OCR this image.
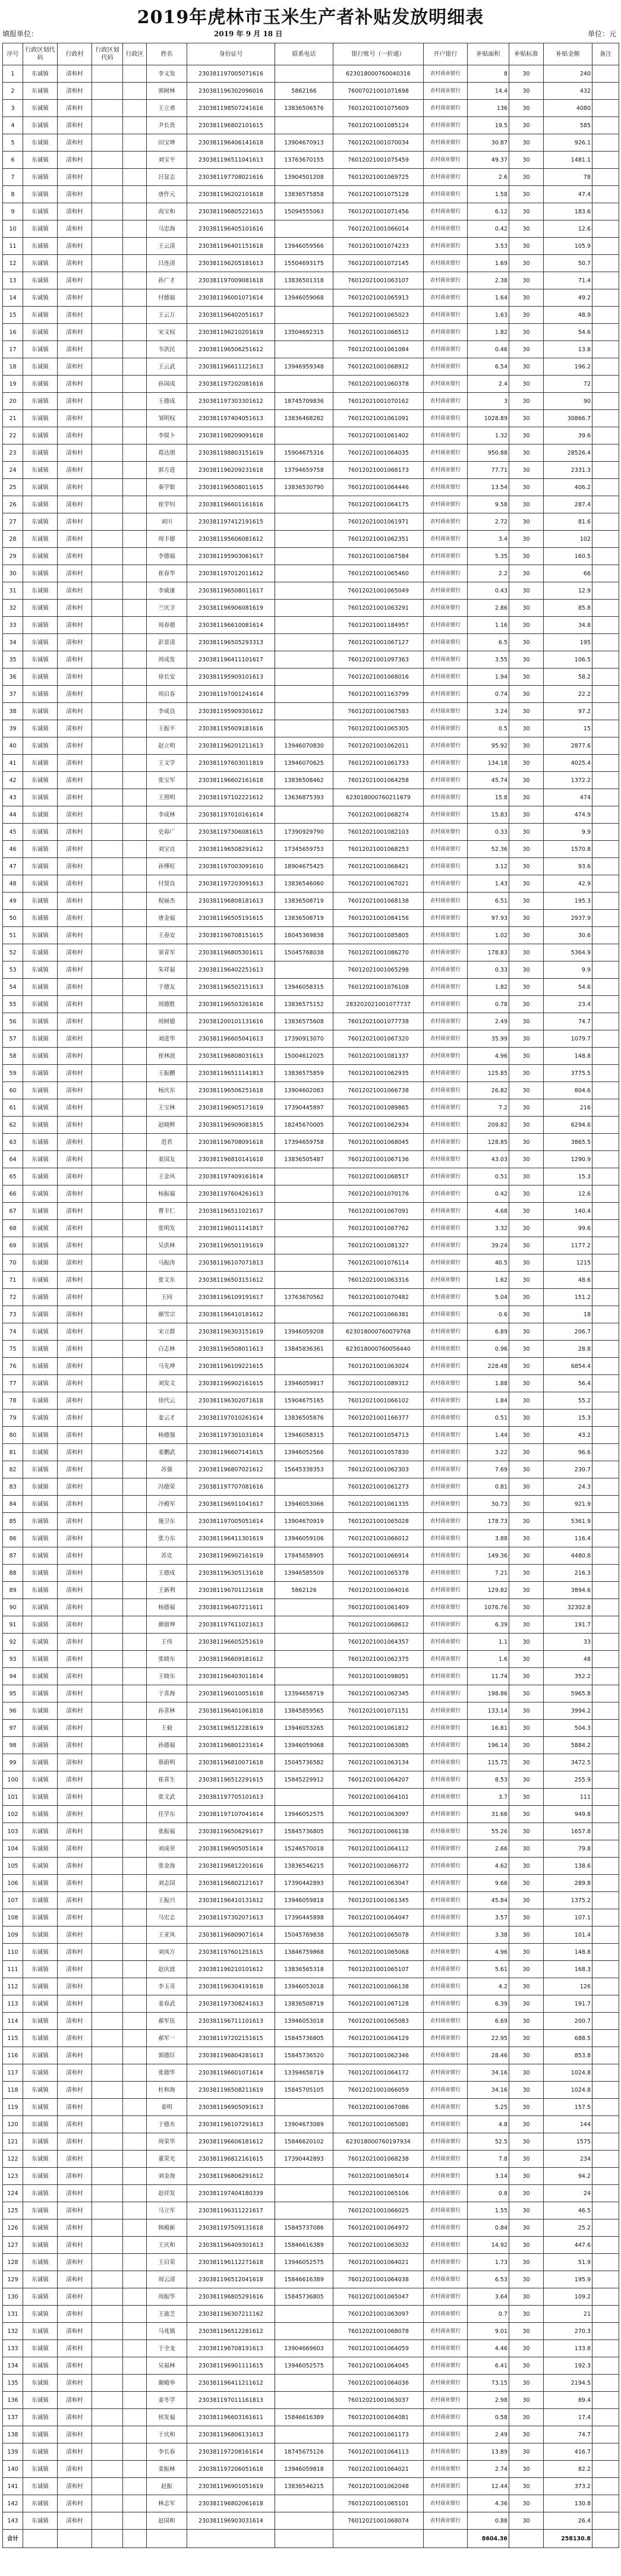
2019年虎林市玉米生产者补贴发放明细表
填报单位：	2019 年 9 月 18 日	单位：元
序号	行政区划代码	行政村	行政区划代码	行政区	姓名	身份证号	联系电话	银行账号（一折通）	开户银行	补贴面积	补贴标准	补贴金额	备注
1	东诚镇	清和村			李义发	230381197005071616		623018000760040316	农村商业银行	8	30	240	
2	东诚镇	清和村			郭树林	230381196302096016	5862166	76007021001071698	农村商业银行	14.4	30	432	
3	东诚镇	清和村			王立勇	230381198507241616	13836506576	76012021001075609	农村商业银行	136	30	4080	
4	东诚镇	清和村			尹长贵	230381196802101615		76012021001085124	农村商业银行	19.5	30	585	
5	东诚镇	清和村			田宝坤	230381196406141618	13904670913	76012021001070034	农村商业银行	30.87	30	926.1	
6	东诚镇	清和村			刘宝平	230381196511041613	13763670155	76012021001075459	农村商业银行	49.37	30	1481.1	
7	东诚镇	清和村			吕显志	230381197708021616	13904501208	76012021001069725	农村商业银行	2.6	30	78	
8	东诚镇	清和村			唐作元	230381196202101618	13836575858	76012021001075128	农村商业银行	1.58	30	47.4	
9	东诚镇	清和村			高宝和	230381196805221615	15094555063	76012021001071456	农村商业银行	6.12	30	183.6	
10	东诚镇	清和村			马忠海	230381196405101616		76012021001066014	农村商业银行	0.42	30	12.6	
11	东诚镇	清和村			王云清	230381196401151618	13946059566	76012021001074233	农村商业银行	3.53	30	105.9	
12	东诚镇	清和村			吕连清	230381196205181613	15504693175	76012021001072145	农村商业银行	1.69	30	50.7	
13	东诚镇	清和村			孙广才	230381197009081618	13836501318	76012021001063107	农村商业银行	2.38	30	71.4	
14	东诚镇	清和村			付德福	230381196001071614	13946059068	76012021001065913	农村商业银行	1.64	30	49.2	
15	东诚镇	清和村			王云万	230381196402051617		76012021001065023	农村商业银行	1.63	30	48.9	
16	东诚镇	清和村			宋文权	230381196210201619	13504692315	76012021001066512	农村商业银行	1.82	30	54.6	
17	东诚镇	清和村			韦洪民	230381196506251612		76012021001061084	农村商业银行	0.46	30	13.8	
18	东诚镇	清和村			王云武	230381196611121613	13946959348	76012021001068912	农村商业银行	6.54	30	196.2	
19	东诚镇	清和村			孙国成	230381197202081616		76012021001060378	农村商业银行	2.4	30	72	
20	东诚镇	清和村			王德成	230381197303301612	18745709836	76012021001070162	农村商业银行	3	30	90	
21	东诚镇	清和村			邹明权	230381197404051613	13836468282	76012021001061091	农村商业银行	1028.89	30	30866.7	
22	东诚镇	清和村			李锐卜	230381198209091618		76012021001061402	农村商业银行	1.32	30	39.6	
23	东诚镇	清和村			葛达朋	230381198803151619	15904675316	76012021001064035	农村商业银行	950.88	30	28526.4	
24	东诚镇	清和村			郭方进	230381196209231618	13794659758	76012021001068173	农村商业银行	77.71	30	2331.3	
25	东诚镇	清和村			秦学银	230381196508011615	13836530790	76012021001064446	农村商业银行	13.54	30	406.2	
26	东诚镇	清和村			崔学钊	230381196601161616		76012021001064175	农村商业银行	9.58	30	287.4	
27	东诚镇	清和村			刘川	230381197412191615		76012021001061971	农村商业银行	2.72	30	81.6	
28	东诚镇	清和村			周丰德	230381195606081612		76012021001062351	农村商业银行	3.4	30	102	
29	东诚镇	清和村			李德福	230381195903061617		76012021001067584	农村商业银行	5.35	30	160.5	
30	东诚镇	清和村			崔春华	230381197012011612		76012021001065460	农村商业银行	2.2	30	66	
31	东诚镇	清和村			李威康	230381196508011617		76012021001065049	农村商业银行	0.43	30	12.9	
32	东诚镇	清和村			兰庆卫	230381196906081619		76012021001063291	农村商业银行	2.86	30	85.8	
33	东诚镇	清和村			周春德	230381196610081614		76012021001184957	农村商业银行	1.16	30	34.8	
34	东诚镇	清和村			彭景清	230381196505293313		76012021001067127	农村商业银行	6.5	30	195	
35	东诚镇	清和村			周成发	230381196411101617		76012021001097363	农村商业银行	3.55	30	106.5	
36	东诚镇	清和村			徐长安	230381195909101613		76012021001068016	农村商业银行	1.94	30	58.2	
37	东诚镇	清和村			周启春	230381197001241614		76012021001163799	农村商业银行	0.74	30	22.2	
38	东诚镇	清和村			李成良	230381195909301612		76012021001067583	农村商业银行	3.24	30	97.2	
39	东诚镇	清和村			王振平	230381195609181616		76012021001065305	农村商业银行	0.5	30	15	
40	东诚镇	清和村			赵立明	230381196201211613	13946070830	76012021001062011	农村商业银行	95.92	30	2877.6	
41	东诚镇	清和村			王文学	230381197603011819	13946070625	76012021001061733	农村商业银行	134.18	30	4025.4	
42	东诚镇	清和村			张宝军	230381196602161618	13836508462	76012021001064258	农村商业银行	45.74	30	1372.2	
43	东诚镇	清和村			王照明	230381197102221612	13636875393	623018000760211679	农村商业银行	15.8	30	474	
44	东诚镇	清和村			李成林	230381197010161614		76012021001068274	农村商业银行	15.83	30	474.9	
45	东诚镇	清和村			史春广	230381197306081615	17390929790	76012021001082103	农村商业银行	0.33	30	9.9	
46	东诚镇	清和村			刘宝良	230381196508291612	17345659753	76012021001068253	农村商业银行	52.36	30	1570.8	
47	东诚镇	清和村			孙博旺	230381197003091610	18904675425	76012021001068421	农村商业银行	3.12	30	93.6	
48	东诚镇	清和村			付贤良	230381197203091613	13836546060	76012021001067021	农村商业银行	1.43	30	42.9	
49	东诚镇	清和村			倪丽杰	230381196808181613	13836508719	76012021001068138	农村商业银行	6.51	30	195.3	
50	东诚镇	清和村			唐金福	230381196505191615	13836508719	76012021001084156	农村商业银行	97.93	30	2937.9	
51	东诚镇	清和村			王春安	230381196708151615	18045369838	76012021001085805	农村商业银行	1.02	30	30.6	
52	东诚镇	清和村			窦青军	230381196805301611	15045768038	76012021001086270	农村商业银行	178.83	30	5364.9	
53	东诚镇	清和村			朱祥福	230381196402251613		76012021001065298	农村商业银行	0.33	30	9.9	
54	东诚镇	清和村			于德友	230381196502151613	13946058315	76012021001076108	农村商业银行	1.82	30	54.6	
55	东诚镇	清和村			周德胜	230381196503261616	13836575152	283202021001077737	农村商业银行	0.78	30	23.4	
56	东诚镇	清和村			周树德	230381200101131616	13836575608	76012021001077738	农村商业银行	2.49	30	74.7	
57	东诚镇	清和村			刘进华	230381196605041613	17390913070	76012021001067320	农村商业银行	35.99	30	1079.7	
58	东诚镇	清和村			崔林波	230381196808031613	15004612025	76012021001081337	农村商业银行	4.96	30	148.8	
59	东诚镇	清和村			王振鹏	230381196511141813	13836575859	76012021001062935	农村商业银行	125.85	30	3775.5	
60	东诚镇	清和村			杨庆东	230381196506251618	13904602083	76012021001066738	农村商业银行	26.82	30	804.6	
61	东诚镇	清和村			王宝林	230381196905171619	17390445897	76012021001089865	农村商业银行	7.2	30	216	
62	东诚镇	清和村			赵晓辉	230381196909081815	18245670005	76012021001062934	农村商业银行	209.82	30	6294.6	
63	东诚镇	清和村			范君	230381196708091618	17394659758	76012021001068045	农村商业银行	128.85	30	3865.5	
64	东诚镇	清和村			姜国友	230381196810141618	13836505487	76012021001067136	农村商业银行	43.03	30	1290.9	
65	东诚镇	清和村			王金风	230381197409161614		76012021001068517	农村商业银行	0.51	30	15.3	
66	东诚镇	清和村			杨振福	230381197604261613		76012021001070176	农村商业银行	0.42	30	12.6	
67	东诚镇	清和村			曹丰仁	230381196511021617		76012021001067091	农村商业银行	4.68	30	140.4	
68	东诚镇	清和村			张明发	230381196011141817		76012021001067762	农村商业银行	3.32	30	99.6	
69	东诚镇	清和村			吴洪林	230381196501191619		76012021001081327	农村商业银行	39.24	30	1177.2	
70	东诚镇	清和村			马振涛	230381196107071813		76012021001076114	农村商业银行	40.5	30	1215	
71	东诚镇	清和村			张文东	230381196503151612		76012021001063316	农村商业银行	1.62	30	48.6	
72	东诚镇	清和村			王同	230381196109191617	13763670562	76012021001070482	农村商业银行	5.04	30	151.2	
73	东诚镇	清和村			颜雪宗	230381196410181612		76012021001066381	农村商业银行	0.6	30	18	
74	东诚镇	清和村			宋立群	230381196303151619	13946059208	623018000760079768	农村商业银行	6.89	30	206.7	
75	东诚镇	清和村			白志林	230381196508011613	13845836361	623018000760056440	农村商业银行	0.96	30	28.8	
76	东诚镇	清和村			马先坤	230381196109221615		76012021001063024	农村商业银行	228.48	30	6854.4	
77	东诚镇	清和村			刘发文	230381196902161615	13946059817	76012021001089312	农村商业银行	1.88	30	56.4	
78	东诚镇	清和村			徐代云	230381196302071618	15904675165	76012021001066102	农村商业银行	1.84	30	55.2	
79	东诚镇	清和村			姜云才	230381197010261614	13836505876	76012021001166377	农村商业银行	0.51	30	15.3	
80	东诚镇	清和村			杨德强	230381197301031814	13946058315	76012021001054713	农村商业银行	1.44	30	43.2	
81	东诚镇	清和村			姜鹏武	230381196607141615	13946052566	76012021001057830	农村商业银行	3.22	30	96.6	
82	东诚镇	清和村			苏强	230381196807021612	15645338353	76012021001062303	农村商业银行	7.69	30	230.7	
83	东诚镇	清和村			冯德荣	230381197707081616		76012021001061273	农村商业银行	0.81	30	24.3	
84	东诚镇	清和村			冷殿军	230381196911041617	13946053066	76012021001061335	农村商业银行	30.73	30	921.9	
85	东诚镇	清和村			施卫东	230381197005051614	13904670919	76012021001065028	农村商业银行	178.73	30	5361.9	
86	东诚镇	清和村			张力东	230381196411301619	13946059106	76012021001066012	农村商业银行	3.88	30	116.4	
87	东诚镇	清和村			苏克	230381196902161619	17845658905	76012021001066914	农村商业银行	149.36	30	4480.8	
88	东诚镇	清和村			王德成	230381196305131618	13946585509	76012021001065378	农村商业银行	7.21	30	216.3	
89	东诚镇	清和村			王新利	230381196701121618	5862126	76012021001064016	农村商业银行	129.82	30	3894.6	
90	东诚镇	清和村			杨德福	230381196407211611		76012021001061409	农村商业银行	1076.76	30	32302.8	
91	东诚镇	清和村			颜留坤	230381197611021613		76012021001068612	农村商业银行	6.39	30	191.7	
92	东诚镇	清和村			王伟	230381196605251619		76012021001064357	农村商业银行	1.1	30	33	
93	东诚镇	清和村			张晓东	230381196609181612		76012021001062375	农村商业银行	1.6	30	48	
94	东诚镇	清和村			王晓东	230381196403011614		76012021001098051	农村商业银行	11.74	30	352.2	
95	东诚镇	清和村			于喜海	230381196010051618	13394658719	76012021001062345	农村商业银行	198.86	30	5965.8	
96	东诚镇	清和村			孙喜林	230381196401061818	13845859565	76012021001071151	农村商业银行	133.14	30	3994.2	
97	东诚镇	清和村			王毅	230381196512281619	13946053265	76012021001061812	农村商业银行	16.81	30	504.3	
98	东诚镇	清和村			孙德福	230381196801231614	13946059068	76012021001063085	农村商业银行	196.14	30	5884.2	
99	东诚镇	清和村			蔡蔚明	230381196810071618	15045736582	76012021001063134	农村商业银行	115.75	30	3472.5	
100	东诚镇	清和村			崔喜生	230381196512291615	15845229912	76012021001064207	农村商业银行	8.53	30	255.9	
101	东诚镇	清和村			张文武	230381197705101613		76012021001064101	农村商业银行	3.7	30	111	
102	东诚镇	清和村			任学东	230381197107041614	13946052575	76012021001063097	农村商业银行	31.66	30	949.8	
103	东诚镇	清和村			张振福	230381196506291617	15845736805	76012021001066138	农村商业银行	55.26	30	1657.8	
104	东诚镇	清和村			刘成章	230381196905051614	15246570018	76012021001064112	农村商业银行	2.66	30	79.8	
105	东诚镇	清和村			张金海	230381196812201616	13836546215	76012021001066372	农村商业银行	4.62	30	138.6	
106	东诚镇	清和村			刘志国	230381196802121617	17390442893	76012021001063047	农村商业银行	9.66	30	289.8	
107	东诚镇	清和村			王振兴	230381196410131612	13946059818	76012021001061345	农村商业银行	45.84	30	1375.2	
108	东诚镇	清和村			马宏志	230381197302071613	17390445898	76012021001064047	农村商业银行	3.57	30	107.1	
109	东诚镇	清和村			王亚凤	230381196809071614	15045769838	76012021001065078	农村商业银行	3.38	30	101.4	
110	东诚镇	清和村			刘凤方	230381197601251615	13846759868	76012021001065068	农村商业银行	4.96	30	148.8	
111	东诚镇	清和村			赵庆波	230381196210101612	13836565318	76012021001065107	农村商业银行	5.61	30	168.3	
112	东诚镇	清和村			李玉奇	230381196304191618	13946053018	76012021001066138	农村商业银行	4.2	30	126	
113	东诚镇	清和村			姜春武	230381197308241613	13836508719	76012021001067128	农村商业银行	6.39	30	191.7	
114	东诚镇	清和村			郝军伍	230381196711101613	13946053018	76012021001065083	农村商业银行	6.69	30	200.7	
115	东诚镇	清和村			郝军一	230381197202151615	15845736805	76012021001064129	农村商业银行	22.95	30	688.5	
116	东诚镇	清和村			郭德臣	230381196804281613	15845736520	76012021001062346	农村商业银行	28.46	30	853.8	
117	东诚镇	清和村			张德华	230381196601071614	13394658719	76012021001064172	农村商业银行	34.16	30	1024.8	
118	东诚镇	清和村			杜和海	230381196508211619	15845705105	76012021001066059	农村商业银行	34.16	30	1024.8	
119	东诚镇	清和村			姜明	230381196905091613		76012021001067086	农村商业银行	5.25	30	157.5	
120	东诚镇	清和村			于德水	230381196107291613	13904673089	76012021001065081	农村商业银行	4.8	30	144	
121	东诚镇	清和村			周荣华	230381196606181612	15846620102	623018000760197934	农村商业银行	52.5	30	1575	
122	东诚镇	清和村			董荣光	230381196812161615	17390442893	76012021001068238	农村商业银行	7.8	30	234	
123	东诚镇	清和村			刘金海	230381196806291612		76012021001065014	农村商业银行	3.14	30	94.2	
124	东诚镇	清和村			赵祥发	230381197404180339		76012021001065106	农村商业银行	0.8	30	24	
125	东诚镇	清和村			马立军	230381196311221617		76012021001066025	农村商业银行	1.55	30	46.5	
126	东诚镇	清和村			韩殿新	230381197509131618	15845737086	76012021001064972	农村商业银行	0.84	30	25.2	
127	东诚镇	清和村			王庆和	230381196409301613	15846616389	76012021001063032	农村商业银行	14.92	30	447.6	
128	东诚镇	清和村			王启荣	230381196112271618	13946052575	76012021001064021	农村商业银行	1.73	30	51.9	
129	东诚镇	清和村			周云清	230381196512041618	15846616389	76012021001064038	农村商业银行	6.53	30	195.9	
130	东诚镇	清和村			周振华	230381196805291616	15845736805	76012021001065047	农村商业银行	3.64	30	109.2	
131	东诚镇	清和村			王迪芝	230381196307211162		76012021001063097	农村商业银行	0.7	30	21	
132	东诚镇	清和村			马兆镇	230381196512281612		76012021001068078	农村商业银行	9.01	30	270.3	
133	东诚镇	清和村			于全龙	230381196708191613	13904669603	76012021001064059	农村商业银行	4.46	30	133.8	
134	东诚镇	清和村			吴福林	230381196901111615	13946052575	76012021001064045	农村商业银行	6.41	30	192.3	
135	东诚镇	清和村			谢殿举	230381196411211612		76012021001064036	农村商业银行	73.15	30	2194.5	
136	东诚镇	清和村			姜冬学	230381197011161813		76012021001063037	农村商业银行	2.98	30	89.4	
137	东诚镇	清和村			侯发福	230381196603161611	15846616389	76012021001064081	农村商业银行	0.58	30	17.4	
138	东诚镇	清和村			于庆和	230381196806131613		76012021001061173	农村商业银行	2.49	30	74.7	
139	东诚镇	清和村			李长春	230381197208161614	18745675126	76012021001064113	农村商业银行	13.89	30	416.7	
140	东诚镇	清和村			姜振林	230381197206051618	13946059818	76012021001064021	农村商业银行	2.74	30	82.2	
141	东诚镇	清和村			赵振	230381196901051619	13836546215	76012021001062048	农村商业银行	12.44	30	373.2	
142	东诚镇	清和村			林志军	230381196802061618		76012021001065101	农村商业银行	4.36	30	130.8	
143	东诚镇	清和村			赵国和	230381196903031614		76012021001068074	农村商业银行	0.88	30	26.4	
合计										8604.36		258130.8	
